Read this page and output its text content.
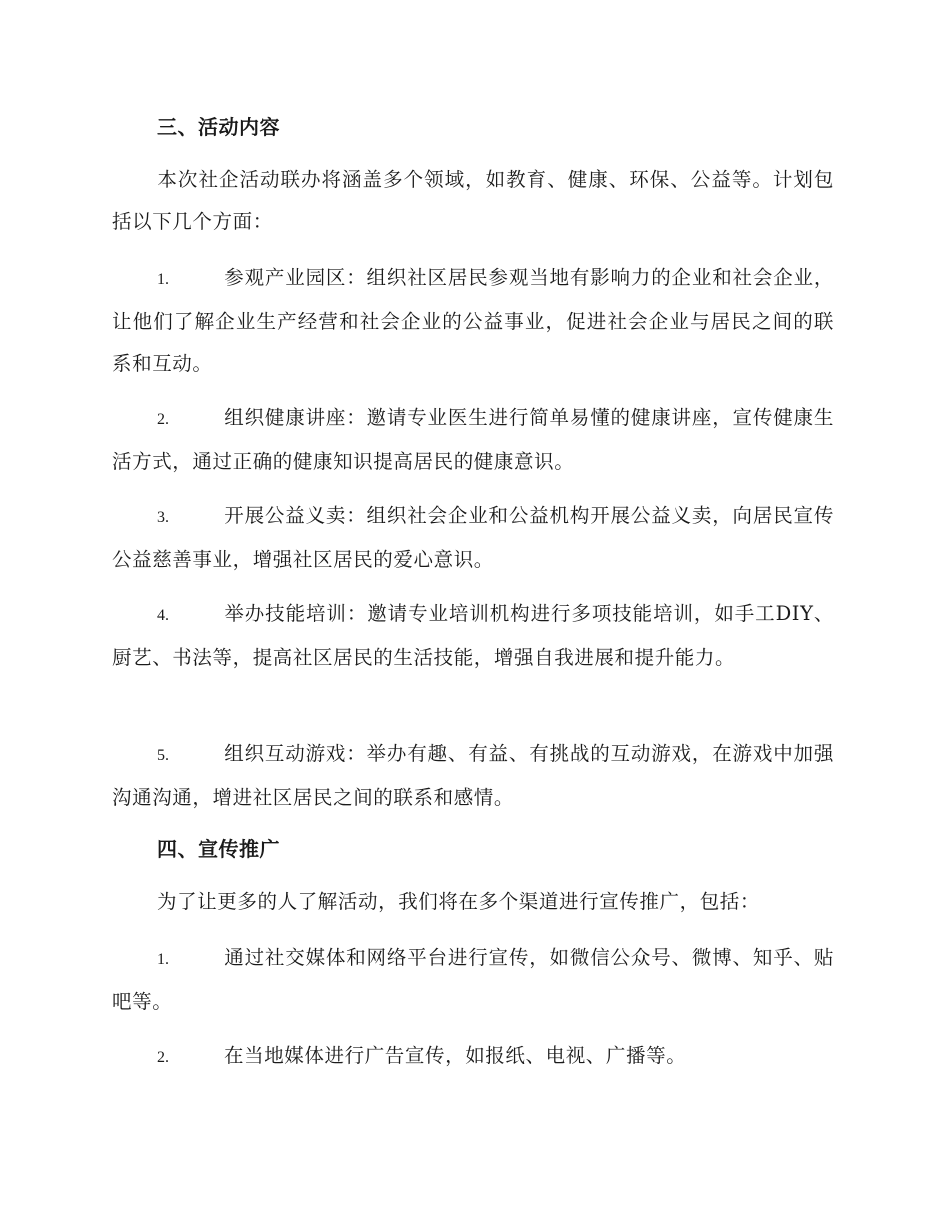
三、活动内容
本次社企活动联办将涵盖多个领域，如教育、健康、环保、公益等。计划包括以下几个方面：
1.	参观产业园区：组织社区居民参观当地有影响力的企业和社会企业，让他们了解企业生产经营和社会企业的公益事业，促进社会企业与居民之间的联系和互动。
2.	组织健康讲座：邀请专业医生进行简单易懂的健康讲座，宣传健康生活方式，通过正确的健康知识提高居民的健康意识。
3.	开展公益义卖：组织社会企业和公益机构开展公益义卖，向居民宣传公益慈善事业，增强社区居民的爱心意识。
4.	举办技能培训：邀请专业培训机构进行多项技能培训，如手工DIY、厨艺、书法等，提高社区居民的生活技能，增强自我进展和提升能力。
5.	组织互动游戏：举办有趣、有益、有挑战的互动游戏，在游戏中加强沟通沟通，增进社区居民之间的联系和感情。
四、宣传推广
为了让更多的人了解活动，我们将在多个渠道进行宣传推广，包括：
1.	通过社交媒体和网络平台进行宣传，如微信公众号、微博、知乎、贴吧等。
2.	在当地媒体进行广告宣传，如报纸、电视、广播等。
